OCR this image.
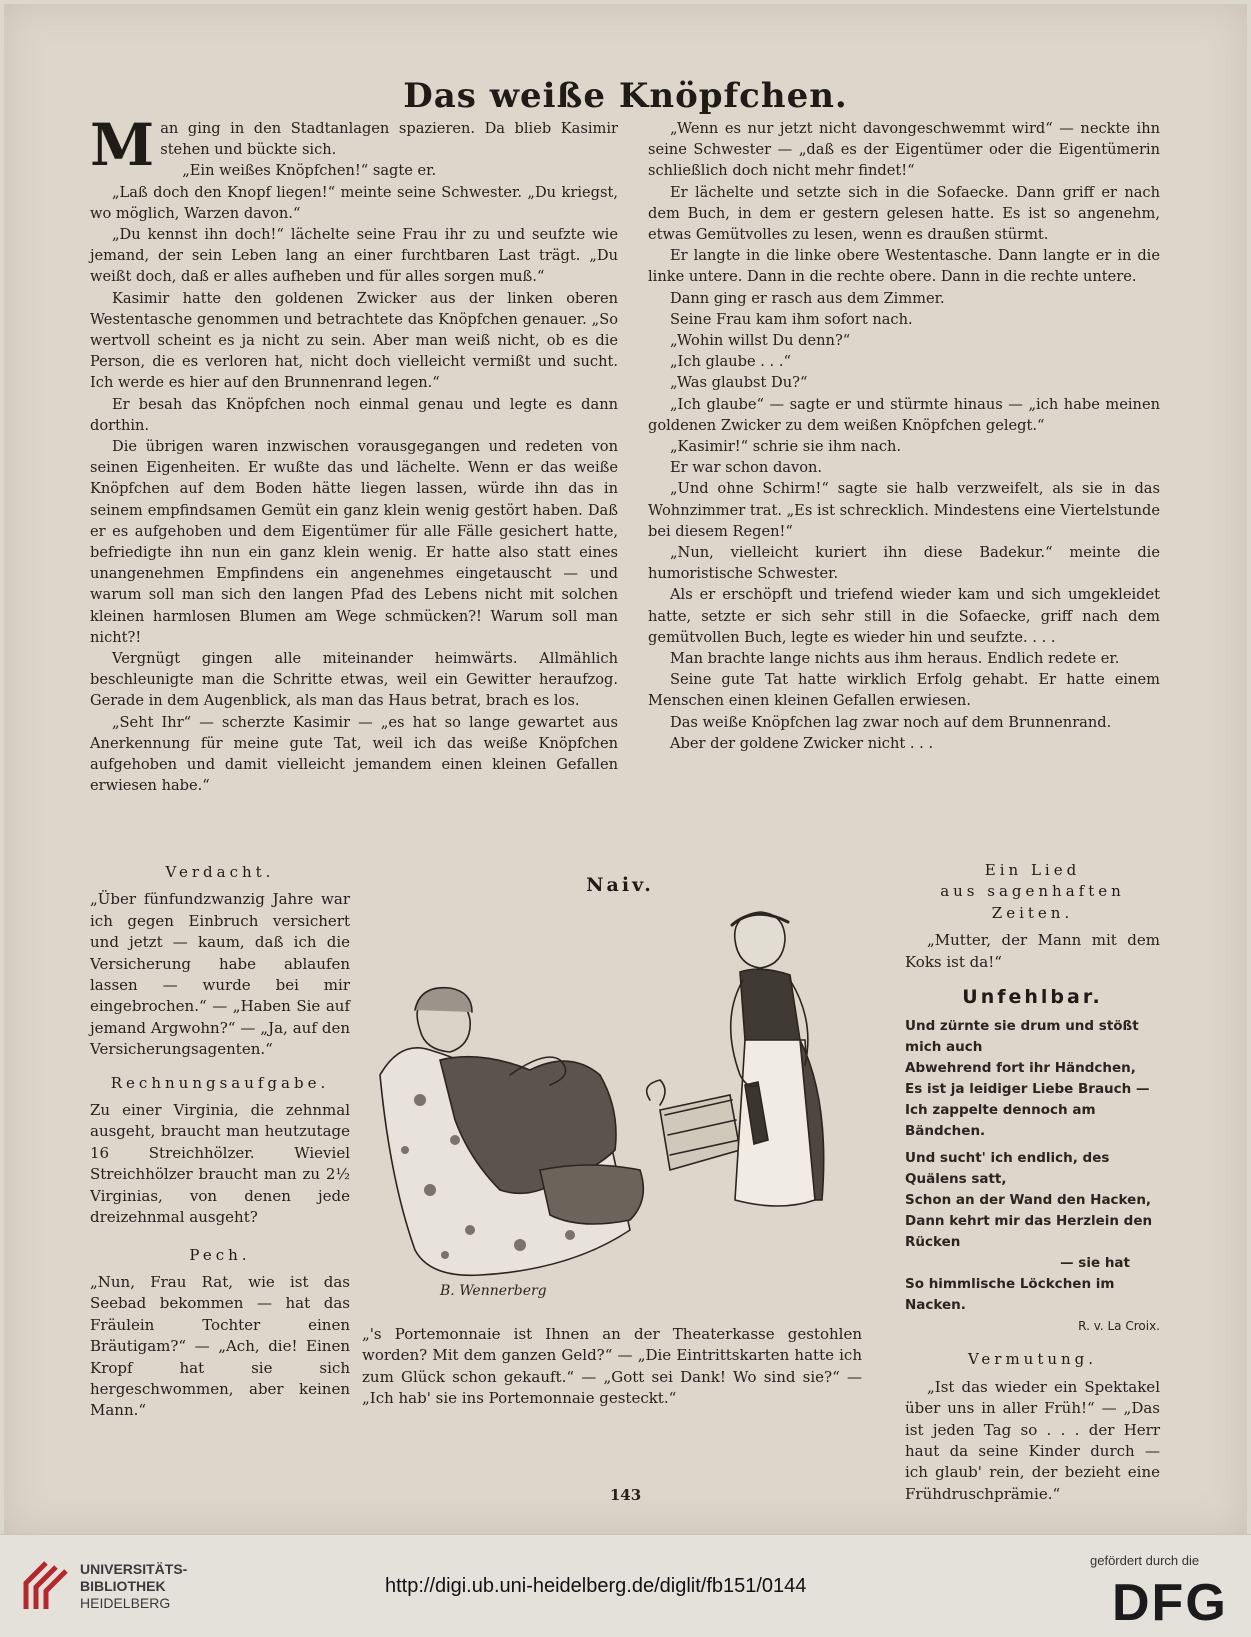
Das weiße Knöpfchen.

Man ging in den Stadtanlagen spazieren. Da blieb Kasimir stehen und bückte sich.

„Ein weißes Knöpfchen!“ sagte er.

„Laß doch den Knopf liegen!“ meinte seine Schwester. „Du kriegst, wo möglich, Warzen davon.“

„Du kennst ihn doch!“ lächelte seine Frau ihr zu und seufzte wie jemand, der sein Leben lang an einer furchtbaren Last trägt. „Du weißt doch, daß er alles aufheben und für alles sorgen muß.“

Kasimir hatte den goldenen Zwicker aus der linken oberen Westentasche genommen und betrachtete das Knöpfchen genauer. „So wertvoll scheint es ja nicht zu sein. Aber man weiß nicht, ob es die Person, die es verloren hat, nicht doch vielleicht vermißt und sucht. Ich werde es hier auf den Brunnenrand legen.“

Er besah das Knöpfchen noch einmal genau und legte es dann dorthin.

Die übrigen waren inzwischen vorausgegangen und redeten von seinen Eigenheiten. Er wußte das und lächelte. Wenn er das weiße Knöpfchen auf dem Boden hätte liegen lassen, würde ihn das in seinem empfindsamen Gemüt ein ganz klein wenig gestört haben. Daß er es aufgehoben und dem Eigentümer für alle Fälle gesichert hatte, befriedigte ihn nun ein ganz klein wenig. Er hatte also statt eines unangenehmen Empfindens ein angenehmes eingetauscht — und warum soll man sich den langen Pfad des Lebens nicht mit solchen kleinen harmlosen Blumen am Wege schmücken?! Warum soll man nicht?!

Vergnügt gingen alle miteinander heimwärts. Allmählich beschleunigte man die Schritte etwas, weil ein Gewitter heraufzog. Gerade in dem Augenblick, als man das Haus betrat, brach es los.

„Seht Ihr“ — scherzte Kasimir — „es hat so lange gewartet aus Anerkennung für meine gute Tat, weil ich das weiße Knöpfchen aufgehoben und damit vielleicht jemandem einen kleinen Gefallen erwiesen habe.“

„Wenn es nur jetzt nicht davongeschwemmt wird“ — neckte ihn seine Schwester — „daß es der Eigentümer oder die Eigentümerin schließlich doch nicht mehr findet!“

Er lächelte und setzte sich in die Sofaecke. Dann griff er nach dem Buch, in dem er gestern gelesen hatte. Es ist so angenehm, etwas Gemütvolles zu lesen, wenn es draußen stürmt.

Er langte in die linke obere Westentasche. Dann langte er in die linke untere. Dann in die rechte obere. Dann in die rechte untere.

Dann ging er rasch aus dem Zimmer.

Seine Frau kam ihm sofort nach.

„Wohin willst Du denn?“

„Ich glaube . . .“

„Was glaubst Du?“

„Ich glaube“ — sagte er und stürmte hinaus — „ich habe meinen goldenen Zwicker zu dem weißen Knöpfchen gelegt.“

„Kasimir!“ schrie sie ihm nach.

Er war schon davon.

„Und ohne Schirm!“ sagte sie halb verzweifelt, als sie in das Wohnzimmer trat. „Es ist schrecklich. Mindestens eine Viertelstunde bei diesem Regen!“

„Nun, vielleicht kuriert ihn diese Badekur.“ meinte die humoristische Schwester.

Als er erschöpft und triefend wieder kam und sich umgekleidet hatte, setzte er sich sehr still in die Sofaecke, griff nach dem gemütvollen Buch, legte es wieder hin und seufzte. . . .

Man brachte lange nichts aus ihm heraus. Endlich redete er.

Seine gute Tat hatte wirklich Erfolg gehabt. Er hatte einem Menschen einen kleinen Gefallen erwiesen.

Das weiße Knöpfchen lag zwar noch auf dem Brunnenrand.

Aber der goldene Zwicker nicht . . .

Verdacht.

„Über fünfundzwanzig Jahre war ich gegen Einbruch versichert und jetzt — kaum, daß ich die Versicherung habe ablaufen lassen — wurde bei mir eingebrochen.“ — „Haben Sie auf jemand Argwohn?“ — „Ja, auf den Versicherungsagenten.“

Rechnungsaufgabe.

Zu einer Virginia, die zehnmal ausgeht, braucht man heutzutage 16 Streichhölzer. Wieviel Streichhölzer braucht man zu 2½ Virginias, von denen jede dreizehnmal ausgeht?

Pech.

„Nun, Frau Rat, wie ist das Seebad bekommen — hat das Fräulein Tochter einen Bräutigam?“ — „Ach, die! Einen Kropf hat sie sich hergeschwommen, aber keinen Mann.“

Naiv.
B. Wennerberg
„'s Portemonnaie ist Ihnen an der Theaterkasse gestohlen worden? Mit dem ganzen Geld?“ — „Die Eintrittskarten hatte ich zum Glück schon gekauft.“ — „Gott sei Dank! Wo sind sie?“ — „Ich hab' sie ins Portemonnaie gesteckt.“
Ein Lied
aus sagenhaften Zeiten.

„Mutter, der Mann mit dem Koks ist da!“

Unfehlbar.

Und zürnte sie drum und stößt mich auch

Abwehrend fort ihr Händchen,

Es ist ja leidiger Liebe Brauch —

Ich zappelte dennoch am Bändchen.

Und sucht' ich endlich, des Quälens satt,

Schon an der Wand den Hacken,

Dann kehrt mir das Herzlein den Rücken

— sie hat

So himmlische Löckchen im Nacken.

R. v. La Croix.

Vermutung.

„Ist das wieder ein Spektakel über uns in aller Früh!“ — „Das ist jeden Tag so . . . der Herr haut da seine Kinder durch — ich glaub' rein, der bezieht eine Frühdruschprämie.“

143
UNIVERSITÄTS-
BIBLIOTHEK
HEIDELBERG
http://digi.ub.uni-heidelberg.de/diglit/fb151/0144
gefördert durch die
DFG
